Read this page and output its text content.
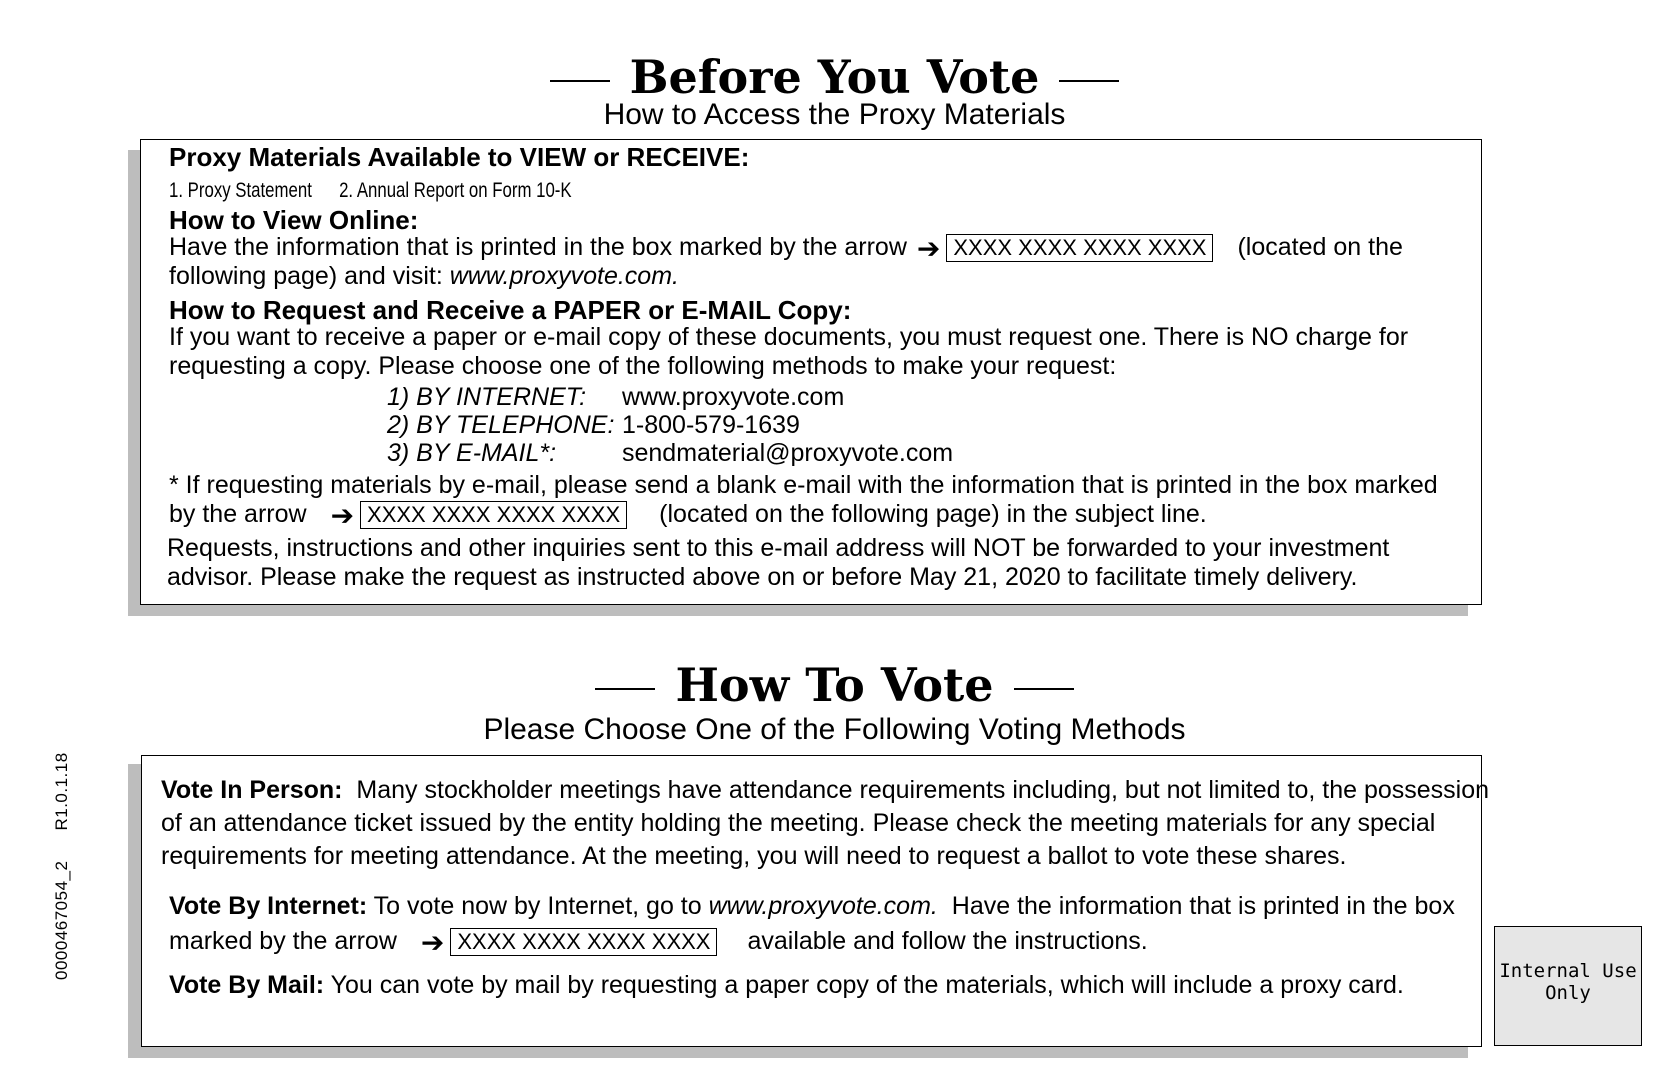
Before You Vote
How to Access the Proxy Materials
Proxy Materials Available to VIEW or RECEIVE:
1. Proxy Statement 2. Annual Report on Form 10-K
How to View Online:
Have the information that is printed in the box marked by the arrow ➔ XXXX XXXX XXXX XXXX (located on the
following page) and visit: www.proxyvote.com.
How to Request and Receive a PAPER or E-MAIL Copy:
If you want to receive a paper or e-mail copy of these documents, you must request one. There is NO charge for
requesting a copy. Please choose one of the following methods to make your request:
1) BY INTERNET: www.proxyvote.com
2) BY TELEPHONE: 1-800-579-1639
3) BY E-MAIL*:	sendmaterial@proxyvote.com
* If requesting materials by e-mail, please send a blank e-mail with the information that is printed in the box marked
by the arrow ➔ XXXX XXXX XXXX XXXX (located on the following page) in the subject line.
Requests, instructions and other inquiries sent to this e-mail address will NOT be forwarded to your investment
advisor. Please make the request as instructed above on or before May 21, 2020 to facilitate timely delivery.
How To Vote
Please Choose One of the Following Voting Methods
Vote In Person: Many stockholder meetings have attendance requirements including, but not limited to, the possession
of an attendance ticket issued by the entity holding the meeting. Please check the meeting materials for any special
requirements for meeting attendance. At the meeting, you will need to request a ballot to vote these shares.
Vote By Internet: To vote now by Internet, go to www.proxyvote.com. Have the information that is printed in the box
marked by the arrow ➔ XXXX XXXX XXXX XXXX available and follow the instructions.
Vote By Mail: You can vote by mail by requesting a paper copy of the materials, which will include a proxy card.	Internal Use
Only
0000467054_2R1.0.1.18
